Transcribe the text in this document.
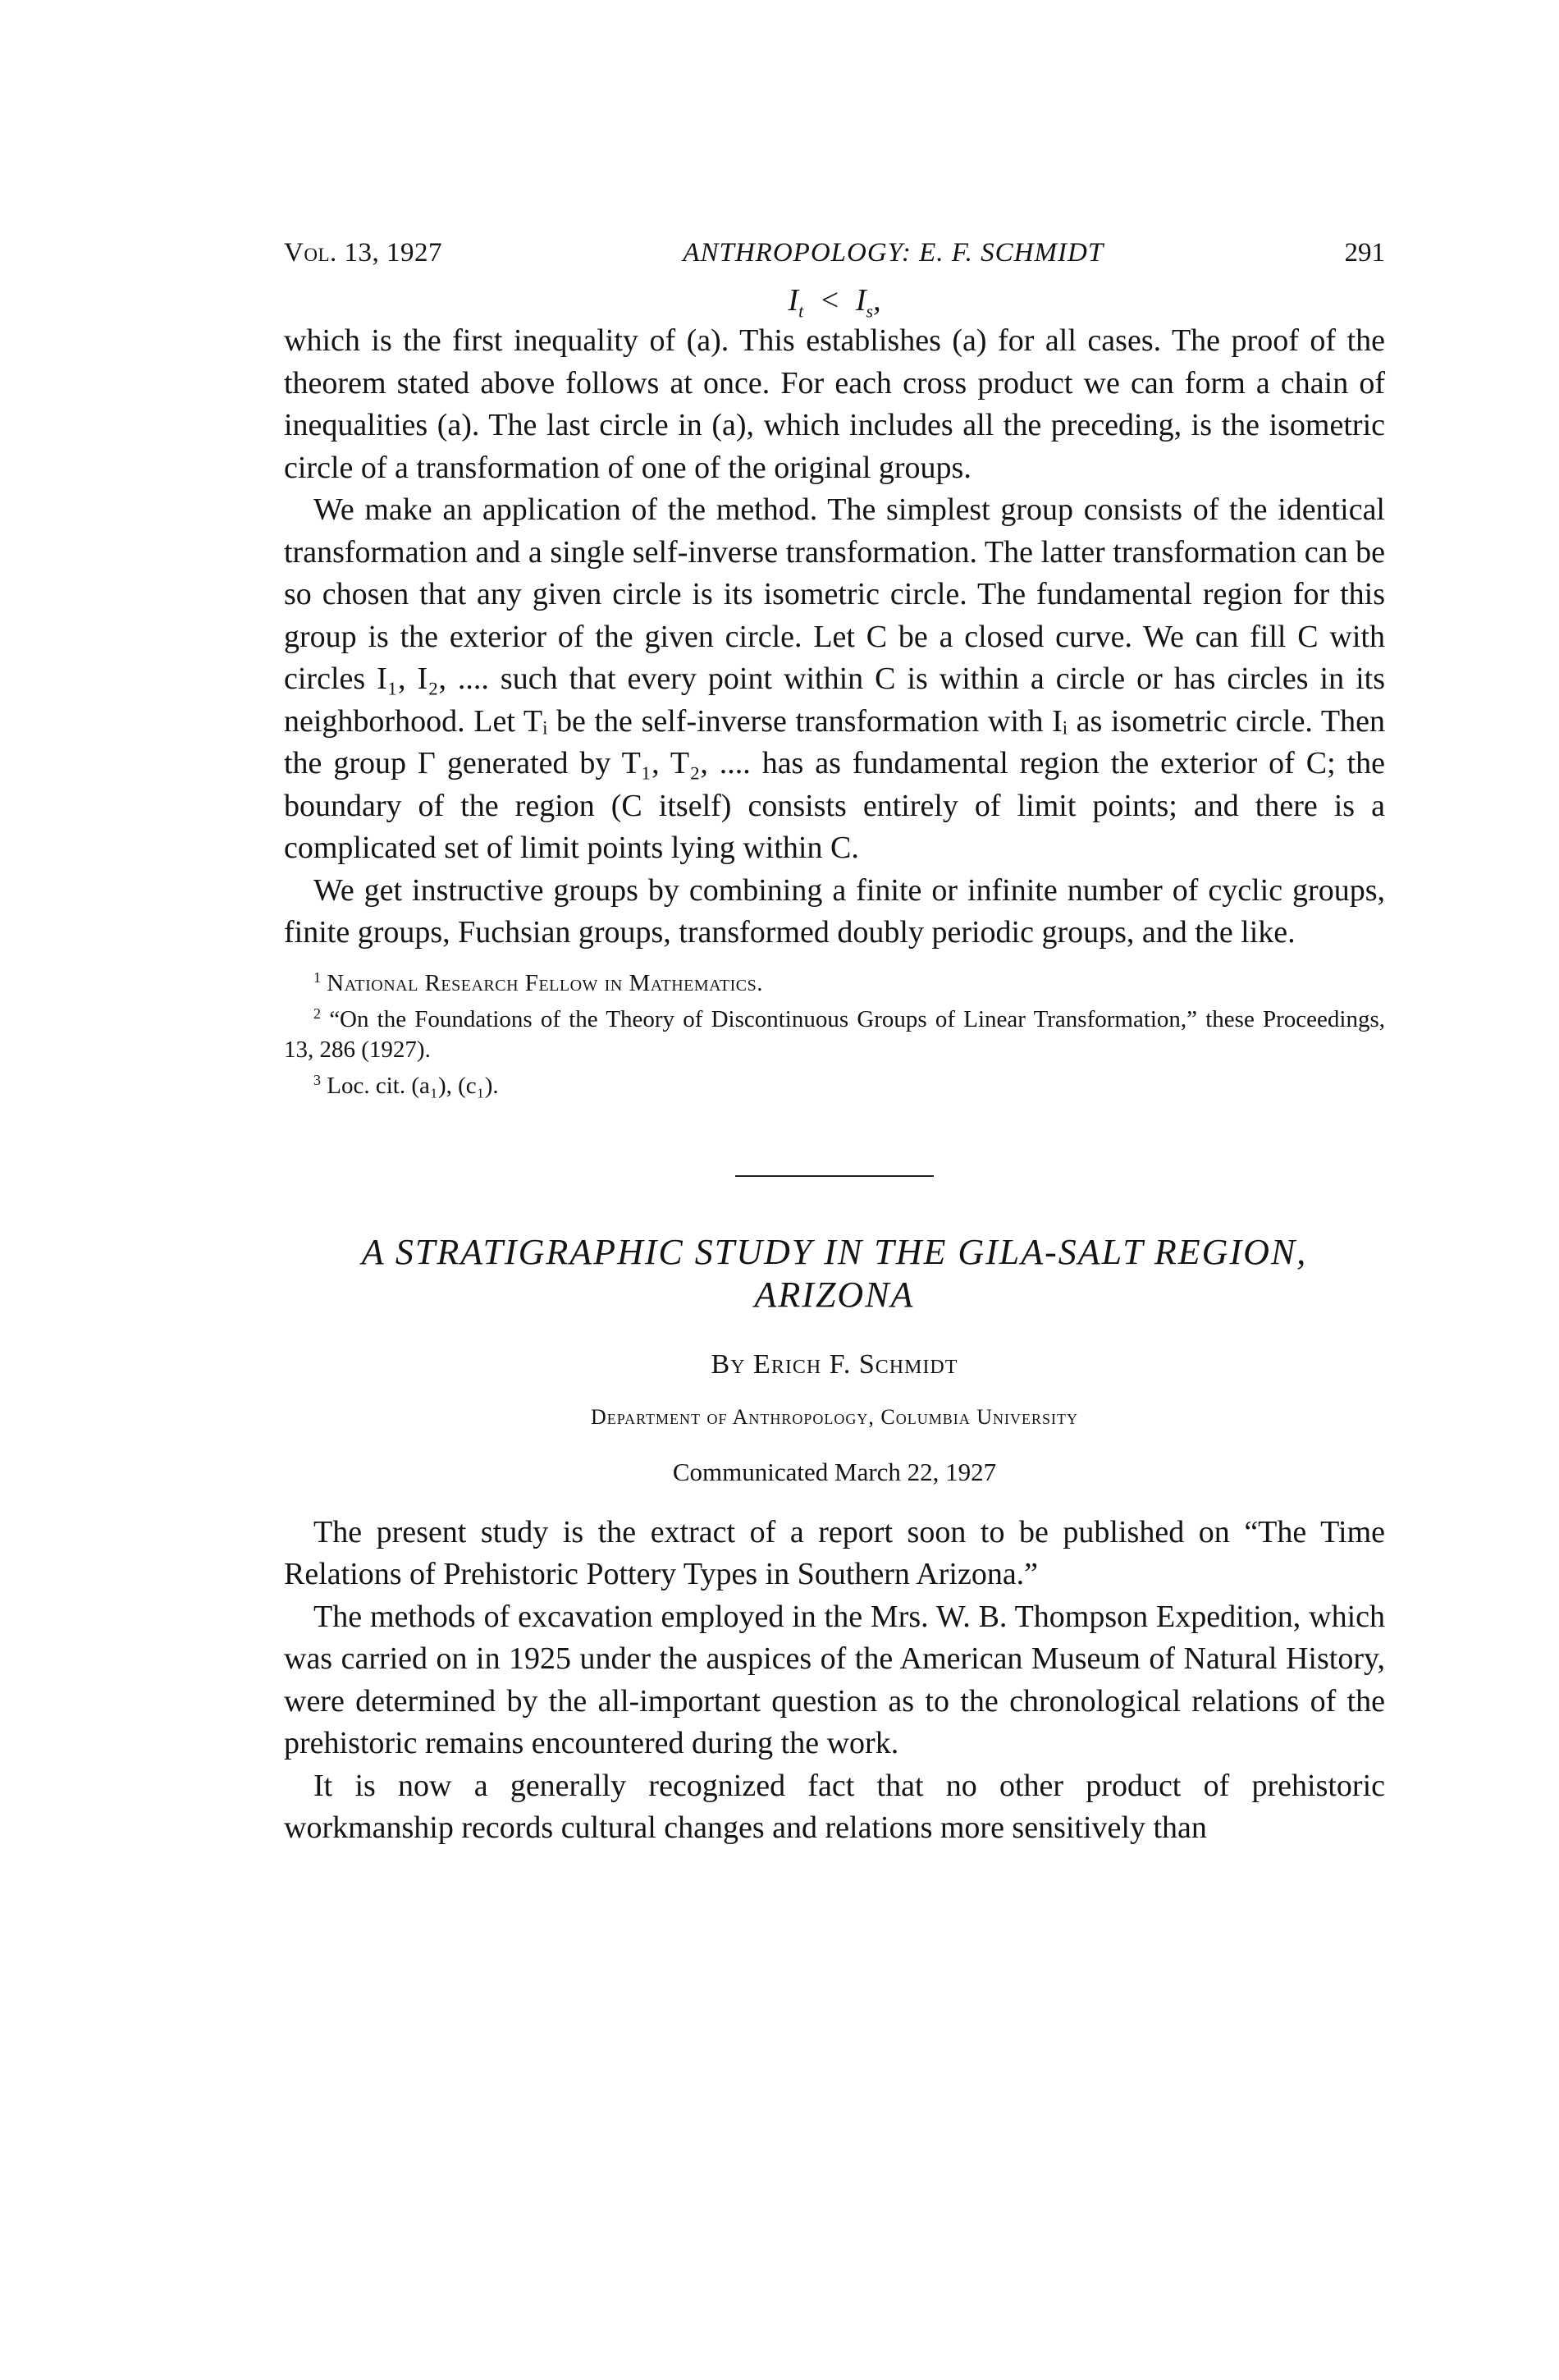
Vol. 13, 1927	ANTHROPOLOGY: E. F. SCHMIDT	291
$I_t < I_s$,

which is the first inequality of (a). This establishes (a) for all cases. The proof of the theorem stated above follows at once. For each cross product we can form a chain of inequalities (a). The last circle in (a), which includes all the preceding, is the isometric circle of a transformation of one of the original groups.

We make an application of the method. The simplest group consists of the identical transformation and a single self-inverse transformation. The latter transformation can be so chosen that any given circle is its isometric circle. The fundamental region for this group is the exterior of the given circle. Let C be a closed curve. We can fill C with circles I₁, I₂, .... such that every point within C is within a circle or has circles in its neighborhood. Let Tᵢ be the self-inverse transformation with Iᵢ as isometric circle. Then the group Γ generated by T₁, T₂, .... has as fundamental region the exterior of C; the boundary of the region (C itself) consists entirely of limit points; and there is a complicated set of limit points lying within C.

We get instructive groups by combining a finite or infinite number of cyclic groups, finite groups, Fuchsian groups, transformed doubly periodic groups, and the like.

$^1$ National Research Fellow in Mathematics.

$^2$ “On the Foundations of the Theory of Discontinuous Groups of Linear Transformation,” these Proceedings, 13, 286 (1927).

$^3$ Loc. cit. (a₁), (c₁).

A STRATIGRAPHIC STUDY IN THE GILA-SALT REGION, ARIZONA
By Erich F. Schmidt
Department of Anthropology, Columbia University
Communicated March 22, 1927

The present study is the extract of a report soon to be published on “The Time Relations of Prehistoric Pottery Types in Southern Arizona.”

The methods of excavation employed in the Mrs. W. B. Thompson Expedition, which was carried on in 1925 under the auspices of the American Museum of Natural History, were determined by the all-important question as to the chronological relations of the prehistoric remains encountered during the work.

It is now a generally recognized fact that no other product of prehistoric workmanship records cultural changes and relations more sensitively than
